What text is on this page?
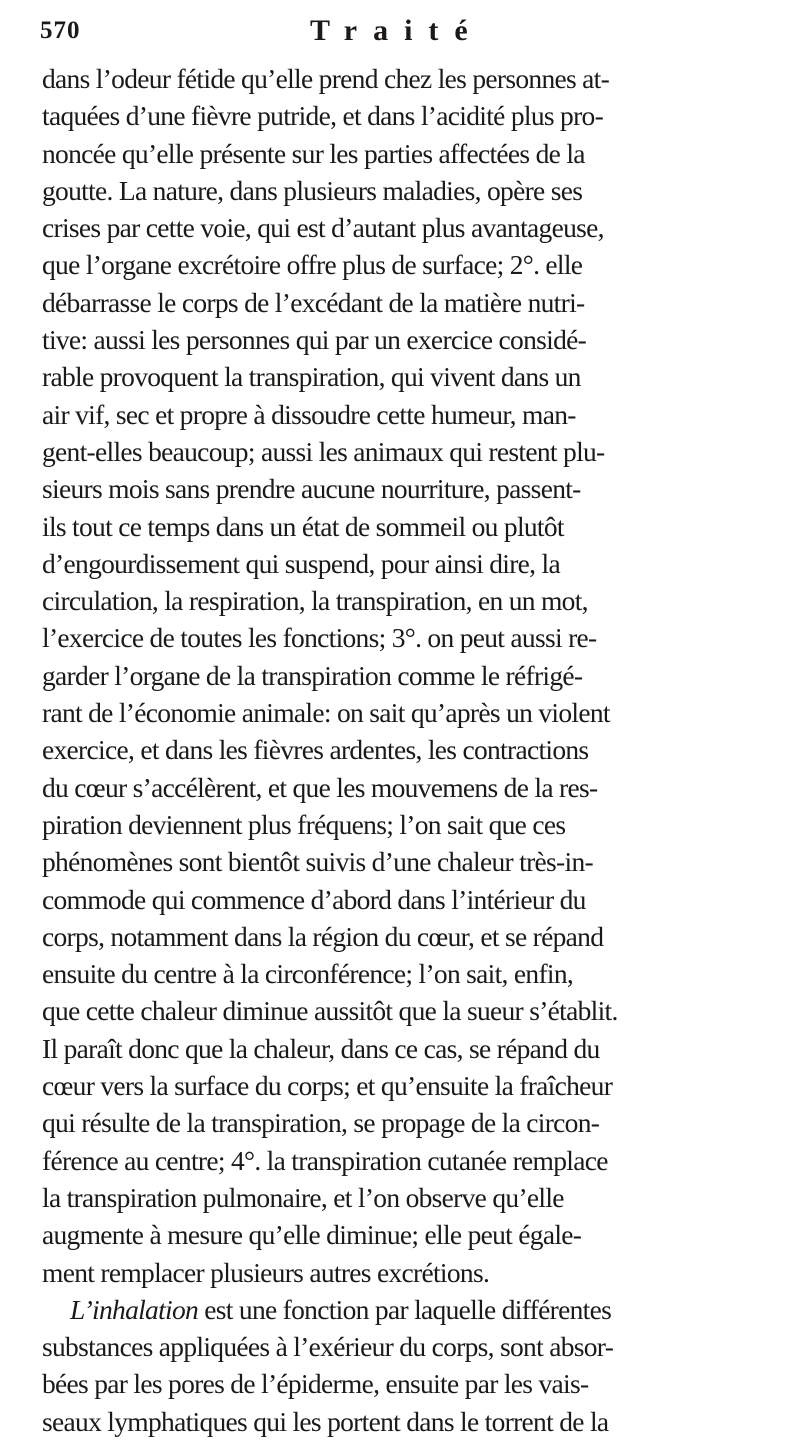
570	Traité
dans l’odeur fétide qu’elle prend chez les personnes at-
taquées d’une fièvre putride, et dans l’acidité plus pro-
noncée qu’elle présente sur les parties affectées de la
goutte. La nature, dans plusieurs maladies, opère ses
crises par cette voie, qui est d’autant plus avantageuse,
que l’organe excrétoire offre plus de surface; 2°. elle
débarrasse le corps de l’excédant de la matière nutri-
tive: aussi les personnes qui par un exercice considé-
rable provoquent la transpiration, qui vivent dans un
air vif, sec et propre à dissoudre cette humeur, man-
gent-elles beaucoup; aussi les animaux qui restent plu-
sieurs mois sans prendre aucune nourriture, passent-
ils tout ce temps dans un état de sommeil ou plutôt
d’engourdissement qui suspend, pour ainsi dire, la
circulation, la respiration, la transpiration, en un mot,
l’exercice de toutes les fonctions; 3°. on peut aussi re-
garder l’organe de la transpiration comme le réfrigé-
rant de l’économie animale: on sait qu’après un violent
exercice, et dans les fièvres ardentes, les contractions
du cœur s’accélèrent, et que les mouvemens de la res-
piration deviennent plus fréquens; l’on sait que ces
phénomènes sont bientôt suivis d’une chaleur très-in-
commode qui commence d’abord dans l’intérieur du
corps, notamment dans la région du cœur, et se répand
ensuite du centre à la circonférence; l’on sait, enfin,
que cette chaleur diminue aussitôt que la sueur s’établit.
Il paraît donc que la chaleur, dans ce cas, se répand du
cœur vers la surface du corps; et qu’ensuite la fraîcheur
qui résulte de la transpiration, se propage de la circon-
férence au centre; 4°. la transpiration cutanée remplace
la transpiration pulmonaire, et l’on observe qu’elle
augmente à mesure qu’elle diminue; elle peut égale-
ment remplacer plusieurs autres excrétions.
L’inhalation est une fonction par laquelle différentes
substances appliquées à l’exérieur du corps, sont absor-
bées par les pores de l’épiderme, ensuite par les vais-
seaux lymphatiques qui les portent dans le torrent de la
